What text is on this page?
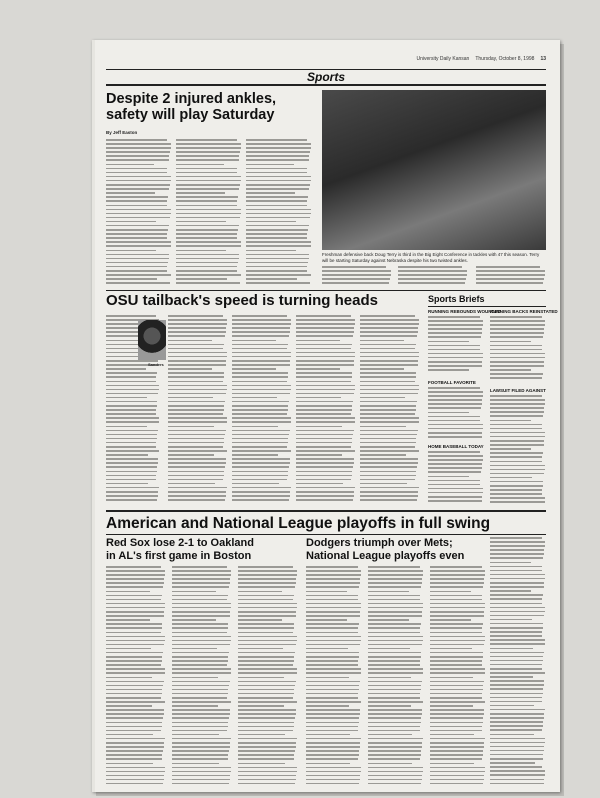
University Daily Kansan Thursday, October 8, 1998 13
Sports
Despite 2 injured ankles, safety will play Saturday
By Jeff Easton
Freshman defensive back Doug Terry is third in the Big Eight Conference in tackles with 47 this season. Terry will be starting Saturday against Nebraska despite his two twisted ankles.
OSU tailback's speed is turning heads
Sanders
Sports Briefs
RUNNING REBOUNDS WOUNDED
FOOTBALL FAVORITE
HOME BASEBALL TODAY
RUNNING BACKS REINSTATED
LAWSUIT FILED AGAINST
American and National League playoffs in full swing
Red Sox lose 2-1 to Oakland
in AL's first game in Boston
Dodgers triumph over Mets;
National League playoffs even
